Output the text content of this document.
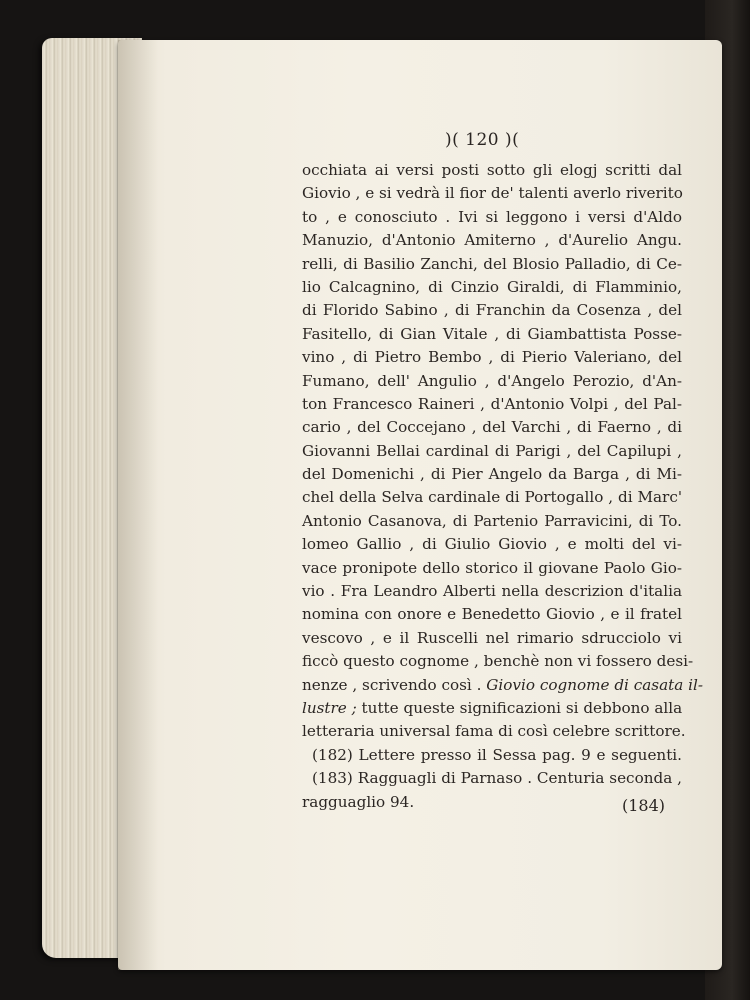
)( 120 )(
occhiata ai versi posti sotto gli elogj scritti dal
Giovio , e si vedrà il fior de' talenti averlo riverito
to , e conosciuto . Ivi si leggono i versi d'Aldo
Manuzio, d'Antonio Amiterno , d'Aurelio Angu.
relli, di Basilio Zanchi, del Blosio Palladio, di Ce-
lio Calcagnino, di Cinzio Giraldi, di Flamminio,
di Florido Sabino , di Franchin da Cosenza , del
Fasitello, di Gian Vitale , di Giambattista Posse-
vino , di Pietro Bembo , di Pierio Valeriano, del
Fumano, dell' Angulio , d'Angelo Perozio, d'An-
ton Francesco Raineri , d'Antonio Volpi , del Pal-
cario , del Coccejano , del Varchi , di Faerno , di
Giovanni Bellai cardinal di Parigi , del Capilupi ,
del Domenichi , di Pier Angelo da Barga , di Mi-
chel della Selva cardinale di Portogallo , di Marc'
Antonio Casanova, di Partenio Parravicini, di To.
lomeo Gallio , di Giulio Giovio , e molti del vi-
vace pronipote dello storico il giovane Paolo Gio-
vio . Fra Leandro Alberti nella descrizion d'italia
nomina con onore e Benedetto Giovio , e il fratel
vescovo , e il Ruscelli nel rimario sdrucciolo vi
ficcò questo cognome , benchè non vi fossero desi-
nenze , scrivendo così . Giovio cognome di casata il-
lustre ; tutte queste significazioni si debbono alla
letteraria universal fama di così celebre scrittore.
(182) Lettere presso il Sessa pag. 9 e seguenti.
(183) Ragguagli di Parnaso . Centuria seconda ,
ragguaglio 94.	(184)
